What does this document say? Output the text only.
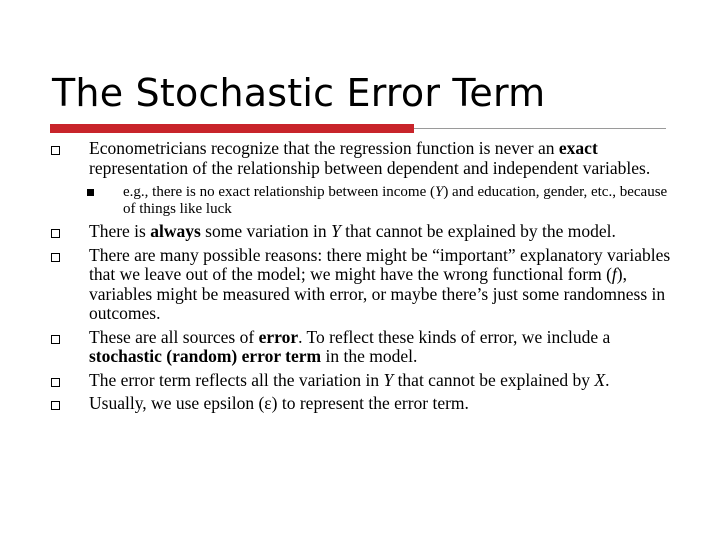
The Stochastic Error Term
Econometricians recognize that the regression function is never an exact representation of the relationship between dependent and independent variables.
e.g., there is no exact relationship between income (Y) and education, gender, etc., because of things like luck
There is always some variation in Y that cannot be explained by the model.
There are many possible reasons: there might be “important” explanatory variables that we leave out of the model; we might have the wrong functional form (f), variables might be measured with error, or maybe there’s just some randomness in outcomes.
These are all sources of error. To reflect these kinds of error, we include a stochastic (random) error term in the model.
The error term reflects all the variation in Y that cannot be explained by X.
Usually, we use epsilon (ε) to represent the error term.
